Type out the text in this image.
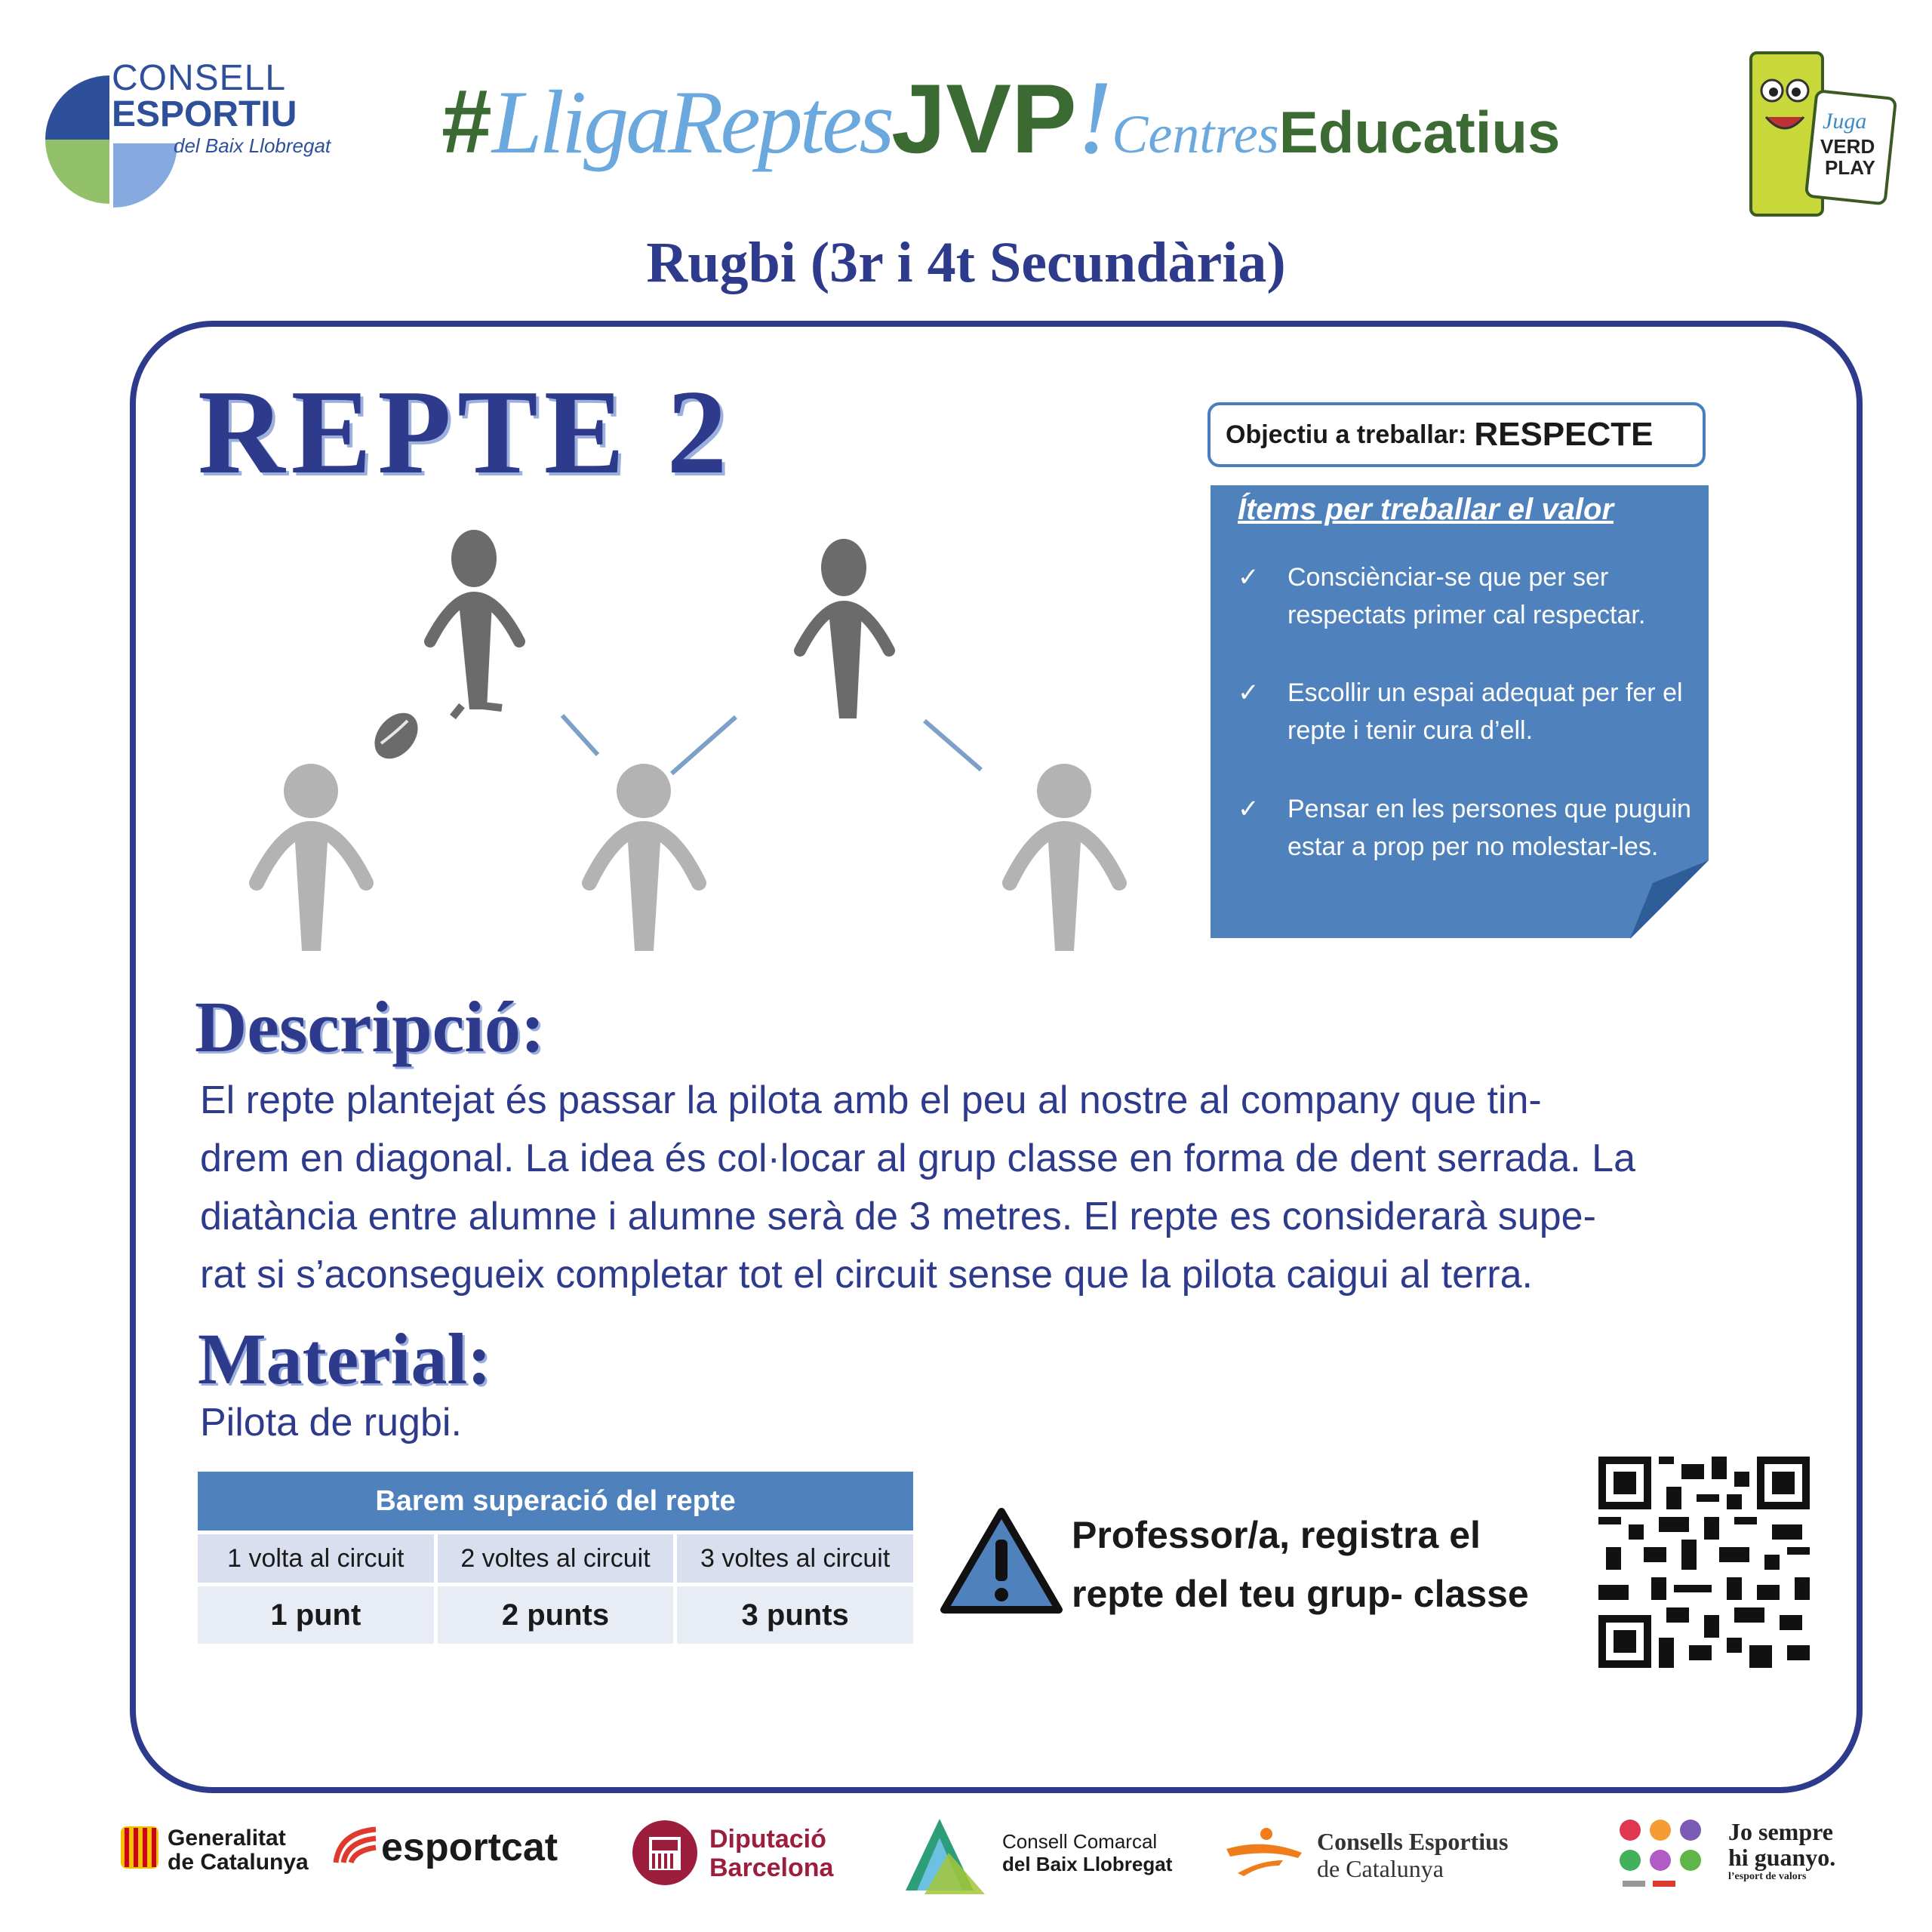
CONSELL
ESPORTIU
del Baix Llobregat #LligaReptesJVP!CentresEducatius	Juga
VERD
PLAY
Rugbi (3r i 4t Secundària)
REPTE 2	Objectiu a treballar: RESPECTE
Ítems per treballar el valor
✓	Consciènciar-se que per ser respectats primer cal respectar.
✓	Escollir un espai adequat per fer el repte i tenir cura d’ell.
✓	Pensar en les persones que puguin estar a prop per no molestar-les.
Descripció:
El repte plantejat és passar la pilota amb el peu al nostre al company que tin-
drem en diagonal. La idea és col·locar al grup classe en forma de dent serrada. La
diatància entre alumne i alumne serà de 3 metres. El repte es considerarà supe-
rat si s’aconsegueix completar tot el circuit sense que la pilota caigui al terra.
Material:
Pilota de rugbi.
Barem superació del repte
1 volta al circuit	2 voltes al circuit	3 voltes al circuit
1 punt	2 punts	3 punts
Professor/a, registra el
repte del teu grup- classe
Generalitat
de Catalunya esportcat	Diputació
Barcelona
Consell Comarcal
del Baix Llobregat
Consells Esportius
de Catalunya
Jo sempre
hi guanyo.
l’esport de valors
